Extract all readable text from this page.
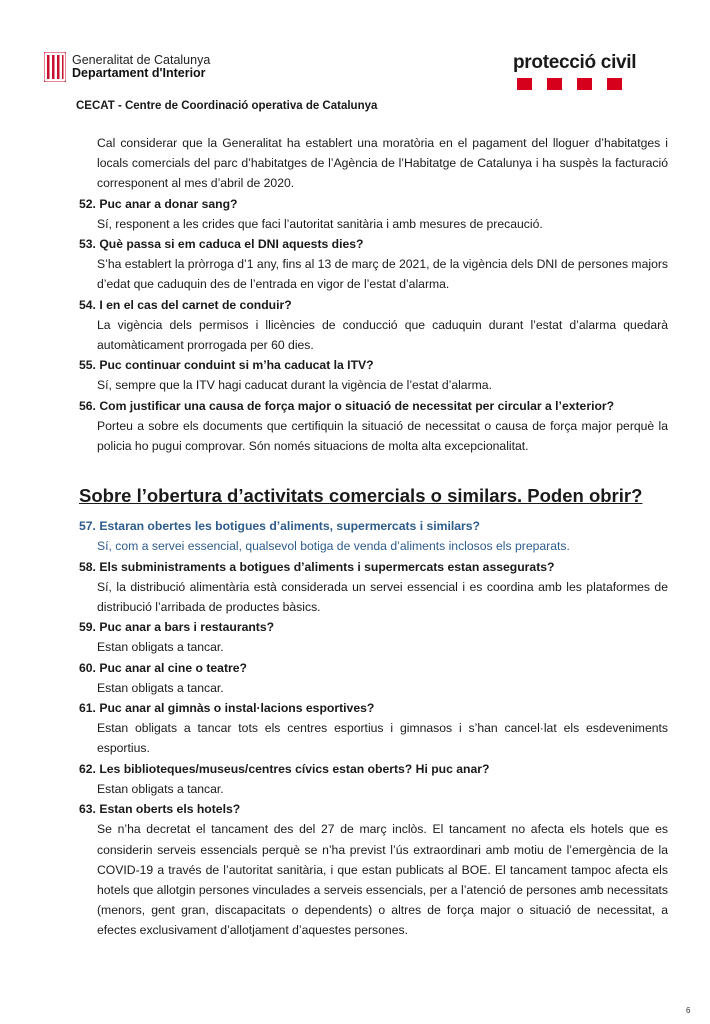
Generalitat de Catalunya
Departament d'Interior	protecció civil
CECAT - Centre de Coordinació operativa de Catalunya

Cal considerar que la Generalitat ha establert una moratòria en el pagament del lloguer d’habitatges i locals comercials del parc d’habitatges de l’Agència de l’Habitatge de Catalunya i ha suspès la facturació corresponent al mes d’abril de 2020.

52. Puc anar a donar sang?

Sí, responent a les crides que faci l’autoritat sanitària i amb mesures de precaució.

53. Què passa si em caduca el DNI aquests dies?

S’ha establert la pròrroga d’1 any, fins al 13 de març de 2021, de la vigència dels DNI de persones majors d’edat que caduquin des de l’entrada en vigor de l’estat d’alarma.

54. I en el cas del carnet de conduir?

La vigència dels permisos i llicències de conducció que caduquin durant l’estat d’alarma quedarà automàticament prorrogada per 60 dies.

55. Puc continuar conduint si m’ha caducat la ITV?

Sí, sempre que la ITV hagi caducat durant la vigència de l’estat d’alarma.

56. Com justificar una causa de força major o situació de necessitat per circular a l’exterior?

Porteu a sobre els documents que certifiquin la situació de necessitat o causa de força major perquè la policia ho pugui comprovar. Són només situacions de molta alta excepcionalitat.

Sobre l’obertura d’activitats comercials o similars. Poden obrir?

57. Estaran obertes les botigues d’aliments, supermercats i similars?

Sí, com a servei essencial, qualsevol botiga de venda d’aliments inclosos els preparats.

58. Els subministraments a botigues d’aliments i supermercats estan assegurats?

Sí, la distribució alimentària està considerada un servei essencial i es coordina amb les plataformes de distribució l’arribada de productes bàsics.

59. Puc anar a bars i restaurants?

Estan obligats a tancar.

60. Puc anar al cine o teatre?

Estan obligats a tancar.

61. Puc anar al gimnàs o instal·lacions esportives?

Estan obligats a tancar tots els centres esportius i gimnasos i s’han cancel·lat els esdeveniments esportius.

62. Les biblioteques/museus/centres cívics estan oberts? Hi puc anar?

Estan obligats a tancar.

63. Estan oberts els hotels?

Se n’ha decretat el tancament des del 27 de març inclòs. El tancament no afecta els hotels que es considerin serveis essencials perquè se n’ha previst l’ús extraordinari amb motiu de l’emergència de la COVID-19 a través de l’autoritat sanitària, i que estan publicats al BOE. El tancament tampoc afecta els hotels que allotgin persones vinculades a serveis essencials, per a l’atenció de persones amb necessitats (menors, gent gran, discapacitats o dependents) o altres de força major o situació de necessitat, a efectes exclusivament d’allotjament d’aquestes persones.

6
